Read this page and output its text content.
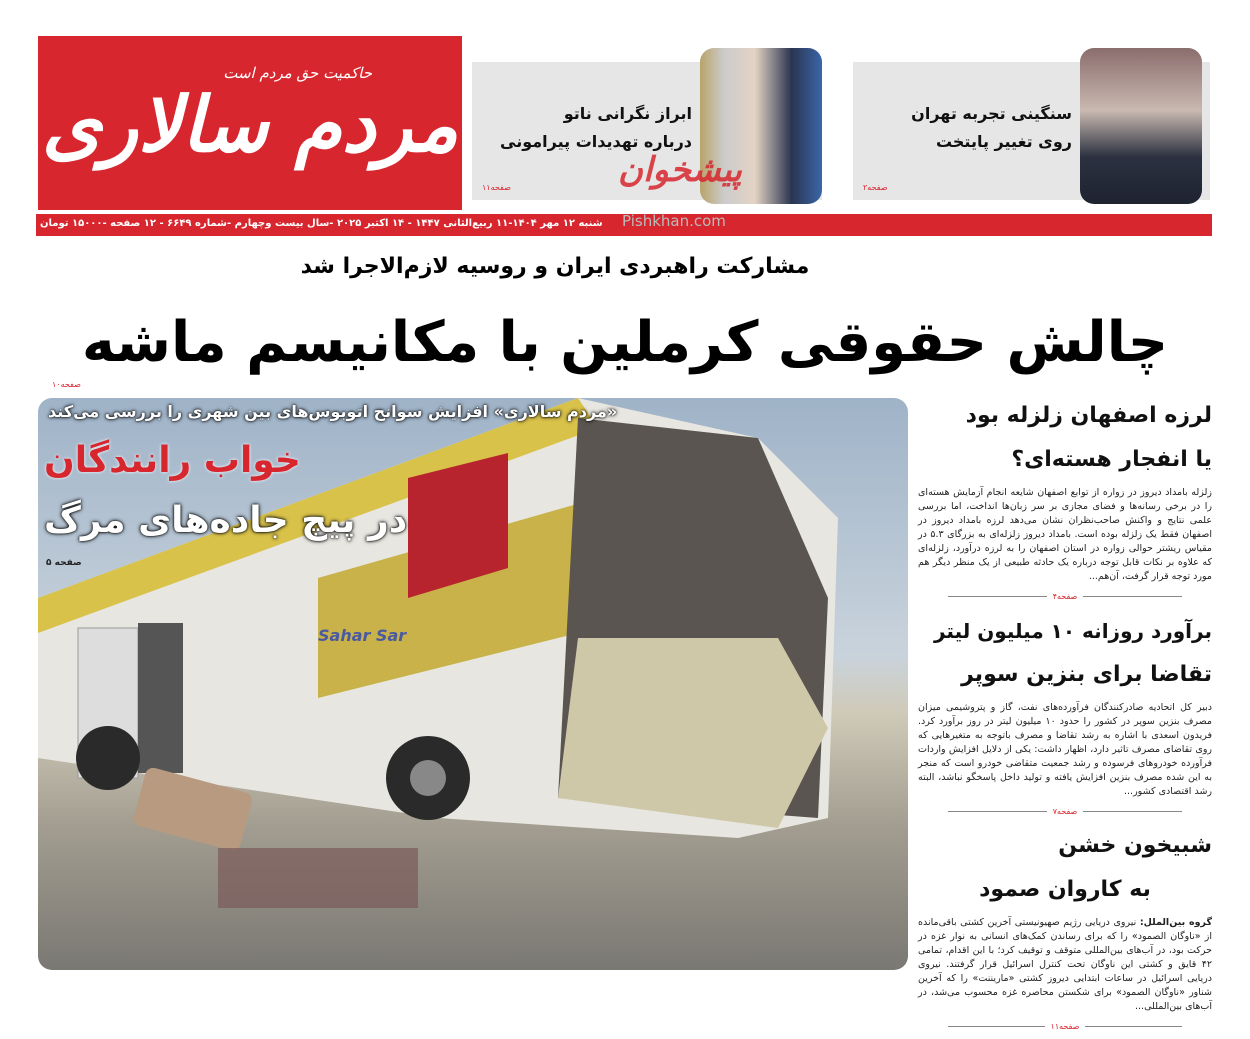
حاکمیت حق مردم است
مردم سالاری	سنگینی تجربه تهران
روی تغییر پایتخت
صفحه۲
ابراز نگرانی ناتو
درباره تهدیدات پیرامونی
صفحه۱۱	پیشخوان
شنبه ۱۲ مهر ۱۴۰۴-۱۱ ربیع‌الثانی ۱۴۴۷ - ۱۴ اکتبر ۲۰۲۵ -سال بیست وچهارم -شماره ۶۶۴۹ - ۱۲ صفحه -۱۵۰۰۰ تومان Pishkhan.com
مشارکت راهبردی ایران و روسیه لازم‌الاجرا شد
چالش حقوقی کرملین با مکانیسم ماشه
صفحه۱۰
Sahar Sar
«مردم سالاری» افزایش سوانح اتوبوس‌های بین شهری را بررسی می‌کند
خواب رانندگان
در پیچ جاده‌های مرگ
صفحه ۵
لرزه اصفهان زلزله بود
یا انفجار هسته‌ای؟
زلزله بامداد دیروز در زواره از توابع اصفهان شایعه انجام آزمایش هسته‌ای را در برخی رسانه‌ها و فضای مجازی بر سر زبان‌ها انداخت، اما بررسی علمی نتایج و واکنش صاحب‌نظران نشان می‌دهد لرزه بامداد دیروز در اصفهان فقط یک زلزله بوده است. بامداد دیروز زلزله‌ای به بزرگای ۵.۳ در مقیاس ریشتر حوالی زواره در استان اصفهان را به لرزه درآورد، زلزله‌ای که علاوه بر نکات قابل توجه درباره یک حادثه طبیعی از یک منظر دیگر هم مورد توجه قرار گرفت، آن‌هم...
صفحه۴
برآورد روزانه ۱۰ میلیون لیتر
تقاضا برای بنزین سوپر
دبیر کل اتحادیه صادرکنندگان فرآورده‌های نفت، گاز و پتروشیمی میزان مصرف بنزین سوپر در کشور را حدود ۱۰ میلیون لیتر در روز برآورد کرد. فریدون اسعدی با اشاره به رشد تقاضا و مصرف باتوجه به متغیرهایی که روی تقاضای مصرف تاثیر دارد، اظهار داشت: یکی از دلایل افزایش واردات فرآورده خودروهای فرسوده و رشد جمعیت متقاضی خودرو است که منجر به این شده مصرف بنزین افزایش یافته و تولید داخل پاسخگو نباشد، البته رشد اقتصادی کشور...
صفحه۷
شبیخون خشن
به کاروان صمود
گروه بین‌الملل: نیروی دریایی رژیم صهیونیستی آخرین کشتی باقی‌مانده از «ناوگان الصمود» را که برای رساندن کمک‌های انسانی به نوار غزه در حرکت بود، در آب‌های بین‌المللی متوقف و توقیف کرد؛ با این اقدام، تمامی ۴۲ قایق و کشتی این ناوگان تحت کنترل اسرائیل قرار گرفتند. نیروی دریایی اسرائیل در ساعات ابتدایی دیروز کشتی «ماریننت» را که آخرین شناور «ناوگان الصمود» برای شکستن محاصره غزه محسوب می‌شد، در آب‌های بین‌المللی...
صفحه۱۱
